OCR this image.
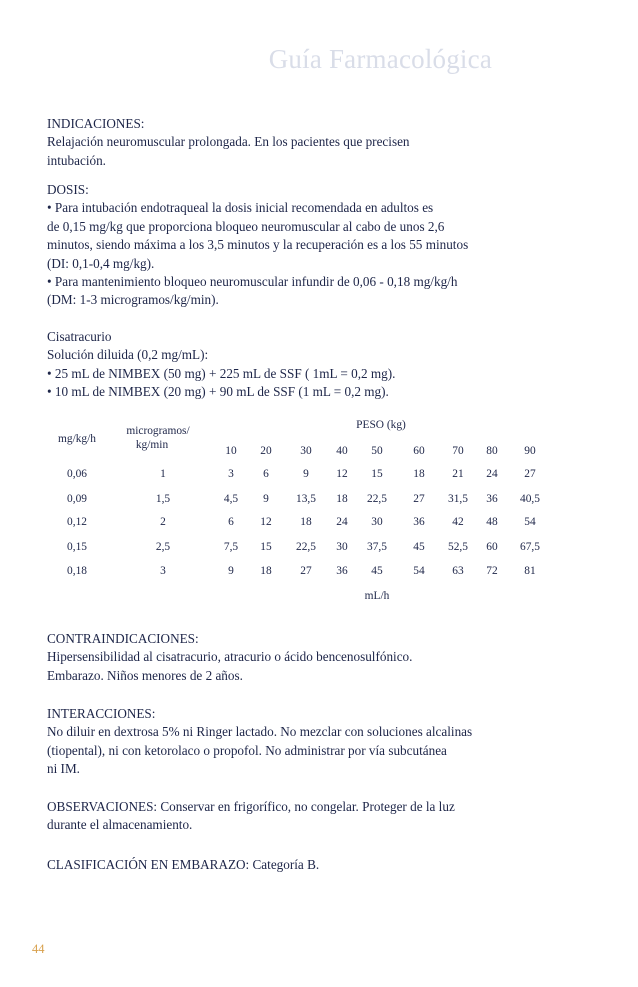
Guía Farmacológica

INDICACIONES:

Relajación neuromuscular prolongada. En los pacientes que precisen

intubación.

DOSIS:

• Para intubación endotraqueal la dosis inicial recomendada en adultos es

de 0,15 mg/kg que proporciona bloqueo neuromuscular al cabo de unos 2,6

minutos, siendo máxima a los 3,5 minutos y la recuperación es a los 55 minutos

(DI: 0,1-0,4 mg/kg).

• Para mantenimiento bloqueo neuromuscular infundir de 0,06 - 0,18 mg/kg/h

(DM: 1-3 microgramos/kg/min).

Cisatracurio

Solución diluida (0,2 mg/mL):

• 25 mL de NIMBEX (50 mg) + 225 mL de SSF ( 1mL = 0,2 mg).

• 10 mL de NIMBEX (20 mg) + 90 mL de SSF (1 mL = 0,2 mg).

mg/kg/h
microgramos/
kg/min
PESO (kg)
10 20	30 40 50	60 70 80 90
0,06	1	3	6	9 12 15	18 21 24 27
0,09	1,5	4,5 9 13,5 18 22,5 27 31,5 36 40,5
0,12	2	6 12	18 24 30	36 42 48 54
0,15	2,5	7,5 15 22,5 30 37,5 45 52,5 60 67,5
0,18	3	9 18	27 36 45	54 63 72 81
mL/h

CONTRAINDICACIONES:

Hipersensibilidad al cisatracurio, atracurio o ácido bencenosulfónico.

Embarazo. Niños menores de 2 años.

INTERACCIONES:

No diluir en dextrosa 5% ni Ringer lactado. No mezclar con soluciones alcalinas

(tiopental), ni con ketorolaco o propofol. No administrar por vía subcutánea

ni IM.

OBSERVACIONES: Conservar en frigorífico, no congelar. Proteger de la luz

durante el almacenamiento.

CLASIFICACIÓN EN EMBARAZO: Categoría B.

44
